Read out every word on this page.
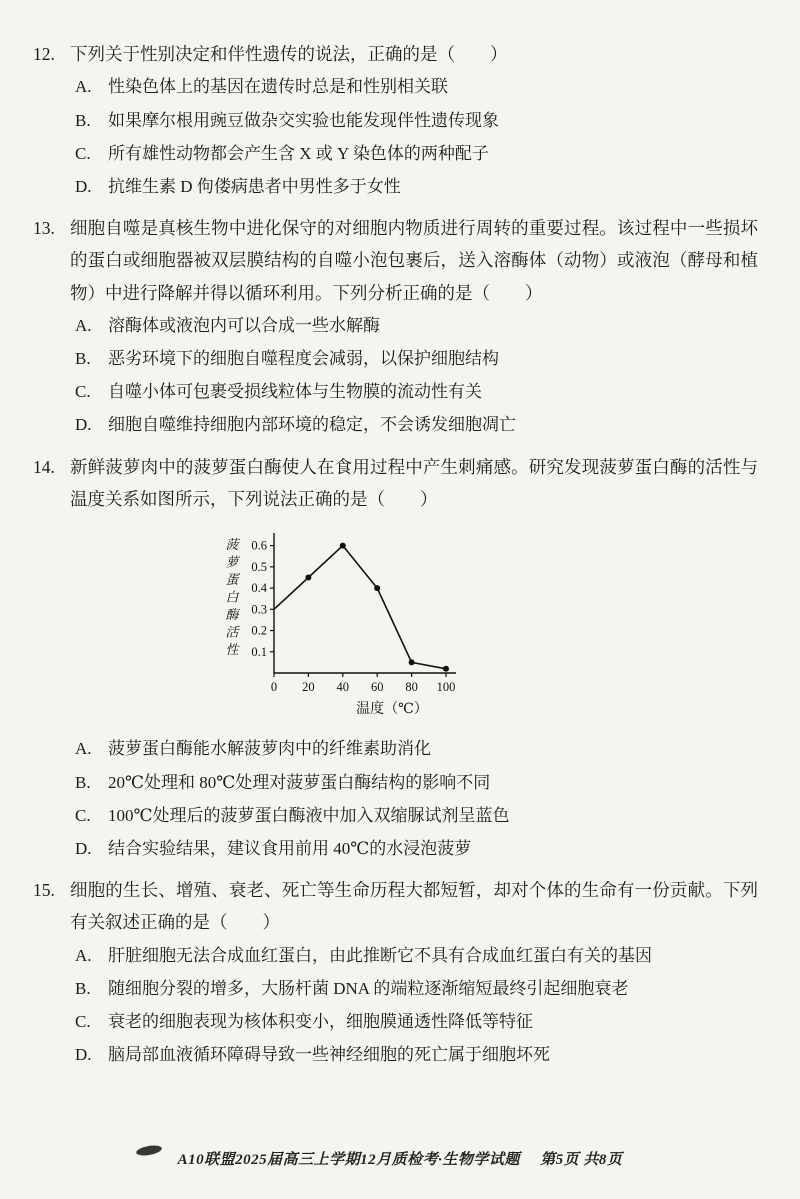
12. 下列关于性别决定和伴性遗传的说法，正确的是（　　）
A. 性染色体上的基因在遗传时总是和性别相关联
B.	如果摩尔根用豌豆做杂交实验也能发现伴性遗传现象
C.	所有雄性动物都会产生含 X 或 Y 染色体的两种配子
D. 抗维生素 D 佝偻病患者中男性多于女性
13. 细胞自噬是真核生物中进化保守的对细胞内物质进行周转的重要过程。该过程中一些损坏的蛋白或细胞器被双层膜结构的自噬小泡包裹后，送入溶酶体（动物）或液泡（酵母和植物）中进行降解并得以循环利用。下列分析正确的是（　　）
A. 溶酶体或液泡内可以合成一些水解酶
B.	恶劣环境下的细胞自噬程度会减弱，以保护细胞结构
C.	自噬小体可包裹受损线粒体与生物膜的流动性有关
D. 细胞自噬维持细胞内部环境的稳定，不会诱发细胞凋亡
14. 新鲜菠萝肉中的菠萝蛋白酶使人在食用过程中产生刺痛感。研究发现菠萝蛋白酶的活性与温度关系如图所示，下列说法正确的是（　　）
0.1
0.2
0.3
0.4
0.5
0.6
0 20 40 60 80 100
菠
萝
蛋
白
酶
活
性
温度（℃）
A. 菠萝蛋白酶能水解菠萝肉中的纤维素助消化
B.	20℃处理和 80℃处理对菠萝蛋白酶结构的影响不同
C.	100℃处理后的菠萝蛋白酶液中加入双缩脲试剂呈蓝色
D. 结合实验结果，建议食用前用 40℃的水浸泡菠萝
15. 细胞的生长、增殖、衰老、死亡等生命历程大都短暂，却对个体的生命有一份贡献。下列有关叙述正确的是（　　）
A. 肝脏细胞无法合成血红蛋白，由此推断它不具有合成血红蛋白有关的基因
B.	随细胞分裂的增多，大肠杆菌 DNA 的端粒逐渐缩短最终引起细胞衰老
C.	衰老的细胞表现为核体积变小，细胞膜通透性降低等特征
D. 脑局部血液循环障碍导致一些神经细胞的死亡属于细胞坏死
A10联盟2025届高三上学期12月质检考·生物学试题 第5页 共8页
